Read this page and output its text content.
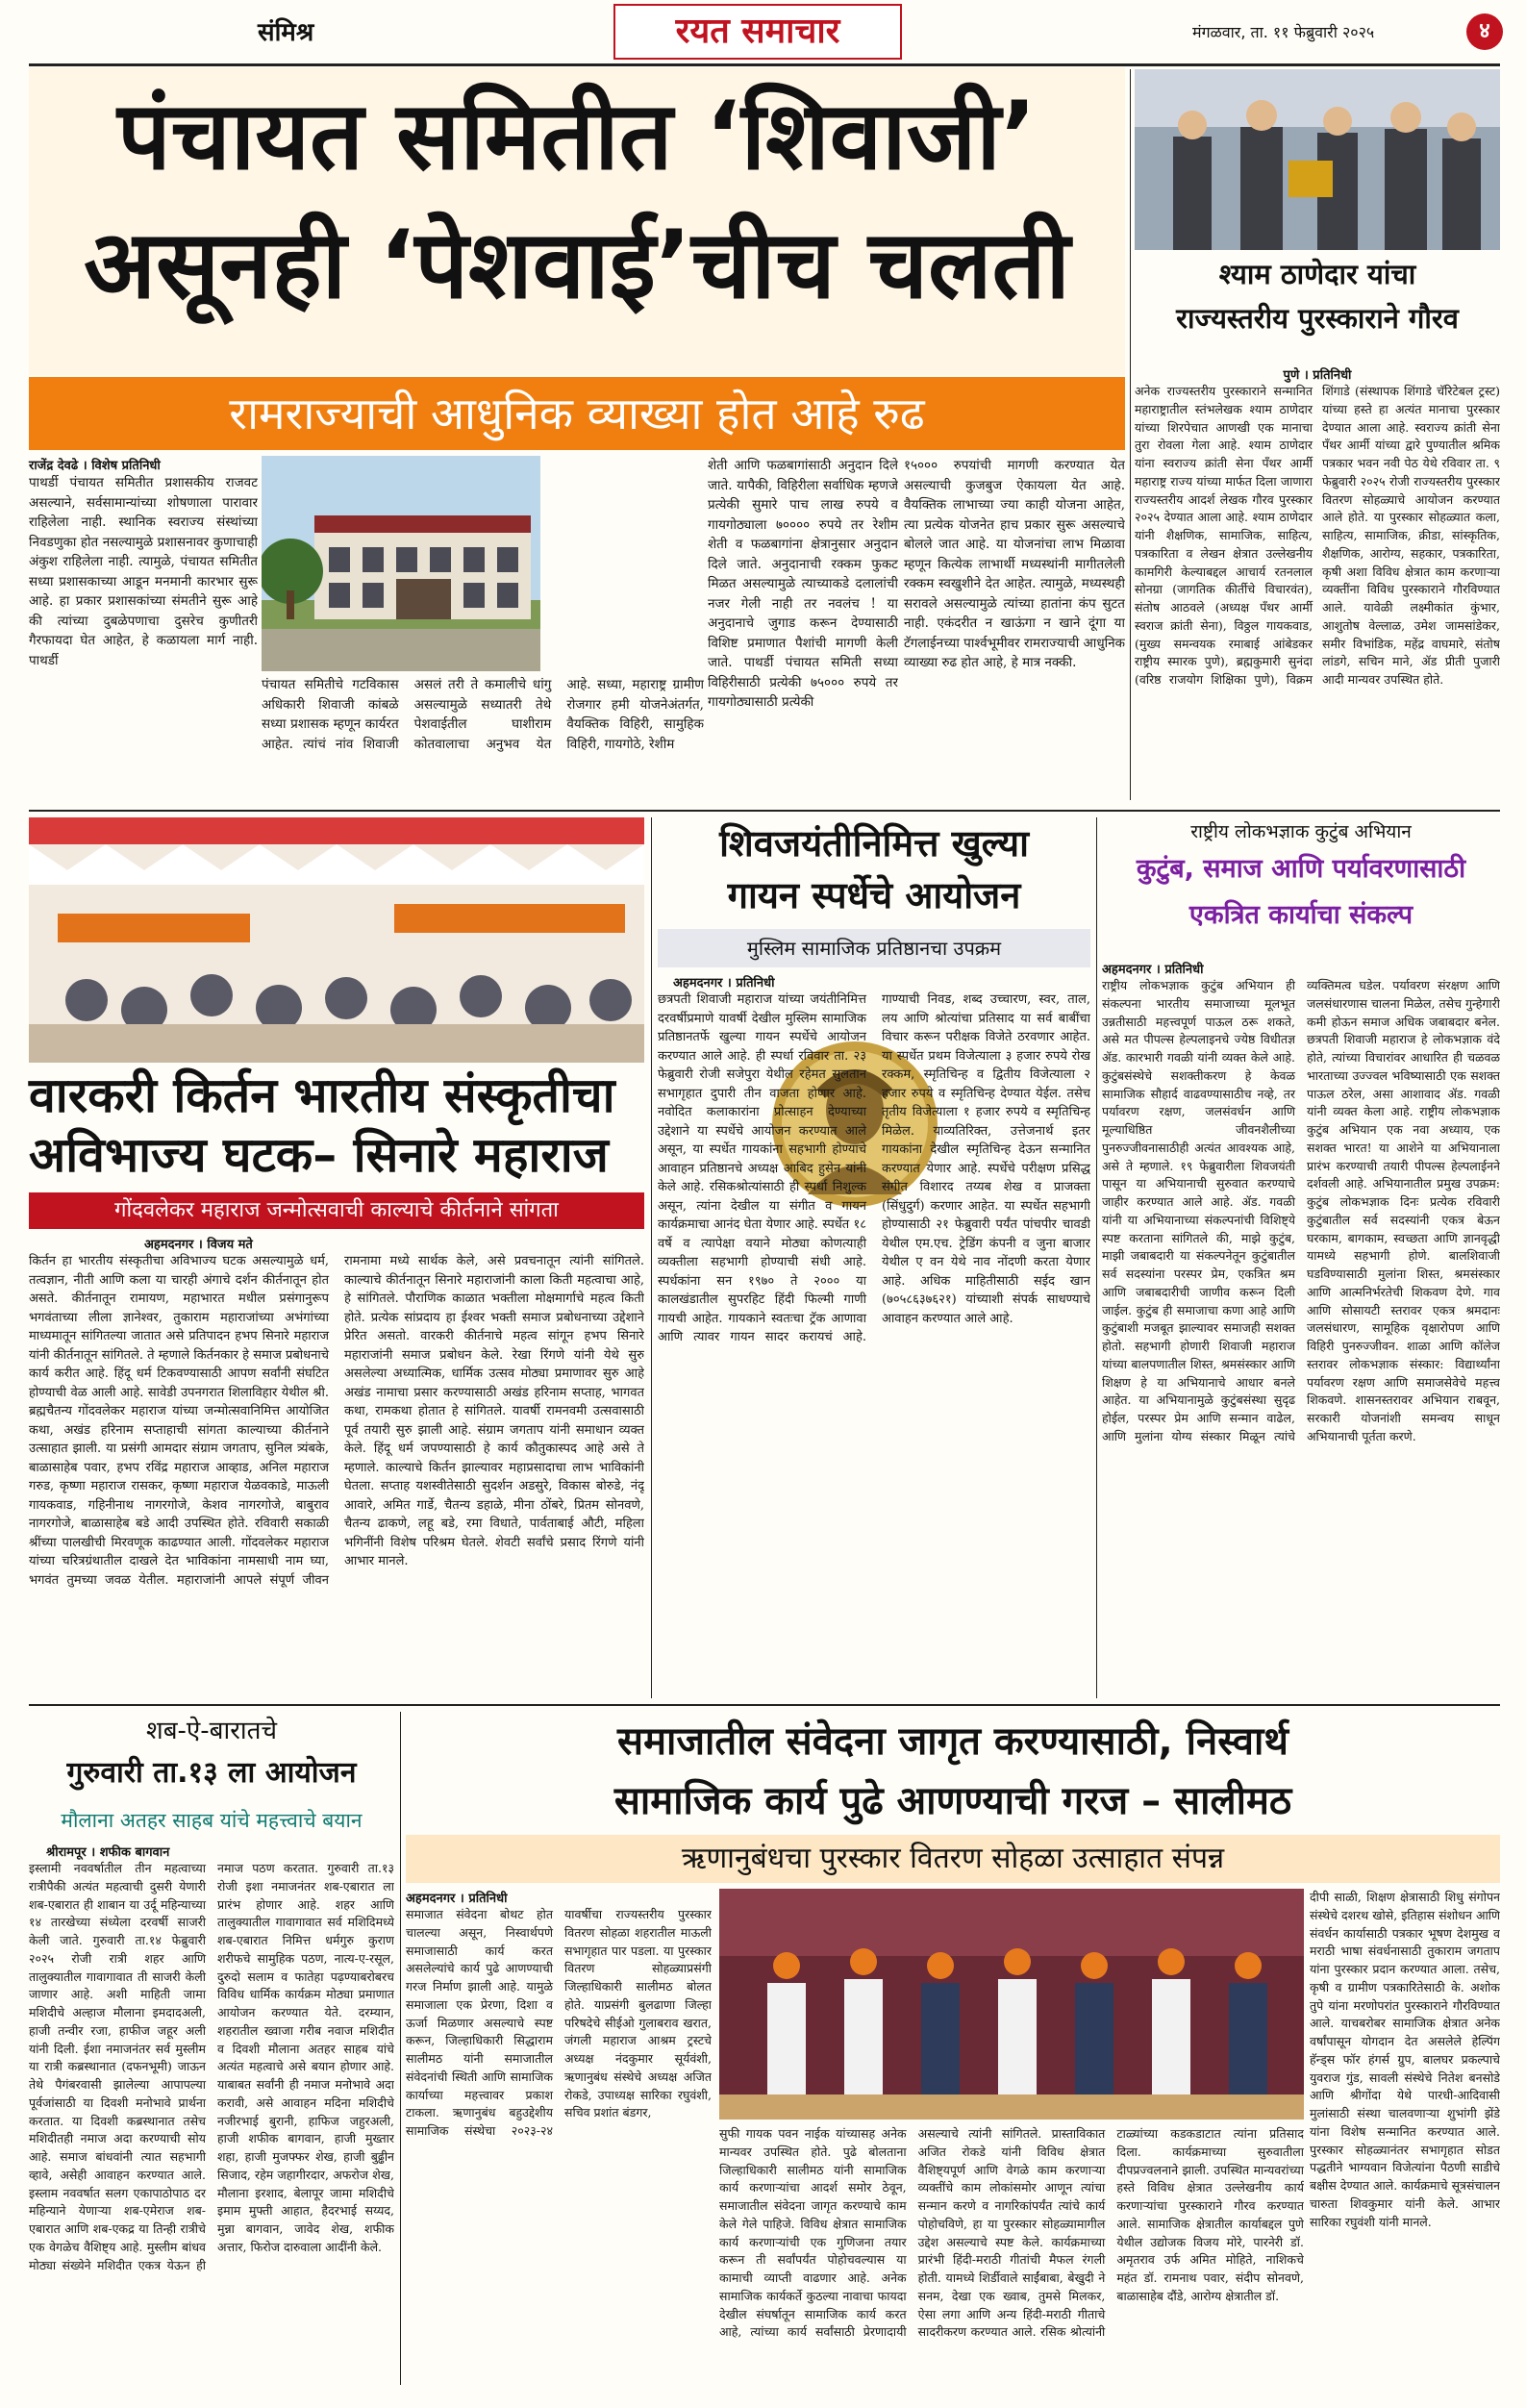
संमिश्र	रयत समाचार	मंगळवार, ता. ११ फेब्रुवारी २०२५	४
पंचायत समितीत ‘शिवाजी’
असूनही ‘पेशवाई’चीच चलती
रामराज्याची आधुनिक व्याख्या होत आहे रुढ
राजेंद्र देवढे । विशेष प्रतिनिधी
पाथर्डी पंचायत समितीत प्रशासकीय राजवट असल्याने, सर्वसामान्यांच्या शोषणाला पारावार राहिलेला नाही. स्थानिक स्वराज्य संस्थांच्या निवडणुका होत नसल्यामुळे प्रशासनावर कुणाचाही अंकुश राहिलेला नाही. त्यामुळे, पंचायत समितीत सध्या प्रशासकाच्या आडून मनमानी कारभार सुरू आहे. हा प्रकार प्रशासकांच्या संमतीने सुरू आहे की त्यांच्या दुबळेपणाचा दुसरेच कुणीतरी गैरफायदा घेत आहेत, हे कळायला मार्ग नाही. पाथर्डी
पंचायत समितीचे गटविकास अधिकारी शिवाजी कांबळे सध्या प्रशासक म्हणून कार्यरत आहेत. त्यांचं नांव शिवाजी असलं तरी ते कमालीचे धांगु असल्यामुळे सध्यातरी तेथे पेशवाईतील घाशीराम कोतवालाचा अनुभव येत आहे. सध्या, महाराष्ट्र ग्रामीण रोजगार हमी योजनेअंतर्गत, वैयक्तिक विहिरी, सामुहिक विहिरी, गायगोठे, रेशीम
शेती आणि फळबागांसाठी अनुदान दिले जाते. यापैकी, विहिरीला सर्वाधिक म्हणजे प्रत्येकी सुमारे पाच लाख रुपये व गायगोठ्याला ७०००० रुपये तर रेशीम शेती व फळबागांना क्षेत्रानुसार अनुदान दिले जाते. अनुदानाची रक्कम फुकट मिळत असल्यामुळे त्याच्याकडे दलालांची नजर गेली नाही तर नवलंच ! या अनुदानाचे जुगाड करून देण्यासाठी विशिष्ट प्रमाणात पैशांची मागणी केली जाते. पाथर्डी पंचायत समिती सध्या विहिरीसाठी प्रत्येकी ७५००० रुपये तर गायगोठ्यासाठी प्रत्येकी
१५००० रुपयांची मागणी करण्यात येत असल्याची कुजबुज ऐकायला येत आहे. वैयक्तिक लाभाच्या ज्या काही योजना आहेत, त्या प्रत्येक योजनेत हाच प्रकार सुरू असल्याचे बोलले जात आहे. या योजनांचा लाभ मिळावा म्हणून कित्येक लाभार्थी मध्यस्थांनी मागीतलेली रक्कम स्वखुशीने देत आहेत. त्यामुळे, मध्यस्थही सरावले असल्यामुळे त्यांच्या हातांना कंप सुटत नाही. एकंदरीत न खाऊंगा न खाने दूंगा या टॅगलाईनच्या पार्श्वभूमीवर रामराज्याची आधुनिक व्याख्या रुढ होत आहे, हे मात्र नक्की.
श्याम ठाणेदार यांचा
राज्यस्तरीय पुरस्काराने गौरव
पुणे । प्रतिनिधी
अनेक राज्यस्तरीय पुरस्काराने सन्मानित महाराष्ट्रातील स्तंभलेखक श्याम ठाणेदार यांच्या शिरपेचात आणखी एक मानाचा तुरा रोवला गेला आहे. श्याम ठाणेदार यांना स्वराज्य क्रांती सेना पँथर आर्मी महाराष्ट्र राज्य यांच्या मार्फत दिला जाणारा राज्यस्तरीय आदर्श लेखक गौरव पुरस्कार २०२५ देण्यात आला आहे. श्याम ठाणेदार यांनी शैक्षणिक, सामाजिक, साहित्य, पत्रकारिता व लेखन क्षेत्रात उल्लेखनीय कामगिरी केल्याबद्दल आचार्य रतनलाल सोनग्रा (जागतिक कीर्तीचे विचारवंत), संतोष आठवले (अध्यक्ष पँथर आर्मी स्वराज क्रांती सेना), विठ्ठल गायकवाड, (मुख्य समन्वयक रमाबाई आंबेडकर राष्ट्रीय स्मारक पुणे), ब्रह्मकुमारी सुनंदा (वरिष्ठ राजयोग शिक्षिका पुणे), विक्रम शिंगाडे (संस्थापक शिंगाडे चॅरिटेबल ट्रस्ट) यांच्या हस्ते हा अत्यंत मानाचा पुरस्कार देण्यात आला आहे. स्वराज्य क्रांती सेना पँथर आर्मी यांच्या द्वारे पुण्यातील श्रमिक पत्रकार भवन नवी पेठ येथे रविवार ता. ९ फेब्रुवारी २०२५ रोजी राज्यस्तरीय पुरस्कार वितरण सोहळ्याचे आयोजन करण्यात आले होते. या पुरस्कार सोहळ्यात कला, साहित्य, सामाजिक, क्रीडा, सांस्कृतिक, शैक्षणिक, आरोग्य, सहकार, पत्रकारिता, कृषी अशा विविध क्षेत्रात काम करणाऱ्या व्यक्तींना विविध पुरस्काराने गौरविण्यात आले. यावेळी लक्ष्मीकांत कुंभार, आशुतोष वेल्लाळ, उमेश जामसांडेकर, समीर विभांडिक, महेंद्र वाघमारे, संतोष लांडगे, सचिन माने, ॲड प्रीती पुजारी आदी मान्यवर उपस्थित होते.
वारकरी किर्तन भारतीय संस्कृतीचा
अविभाज्य घटक– सिनारे महाराज
गोंदवलेकर महाराज जन्मोत्सवाची काल्याचे कीर्तनाने सांगता
अहमदनगर । विजय मते
किर्तन हा भारतीय संस्कृतीचा अविभाज्य घटक असल्यामुळे धर्म, तत्वज्ञान, नीती आणि कला या चारही अंगाचे दर्शन कीर्तनातून होत असते. कीर्तनातून रामायण, महाभारत मधील प्रसंगानुरूप भगवंताच्या लीला ज्ञानेश्वर, तुकाराम महाराजांच्या अभंगांच्या माध्यमातून सांगितल्या जातात असे प्रतिपादन हभप सिनारे महाराज यांनी कीर्तनातून सांगितले. ते म्हणाले किर्तनकार हे समाज प्रबोधनाचे कार्य करीत आहे. हिंदू धर्म टिकवण्यासाठी आपण सर्वांनी संघटित होण्याची वेळ आली आहे. सावेडी उपनगरात शिलाविहार येथील श्री. ब्रह्मचैतन्य गोंदवलेकर महाराज यांच्या जन्मोत्सवानिमित्त आयोजित कथा, अखंड हरिनाम सप्ताहाची सांगता काल्याच्या कीर्तनाने उत्साहात झाली. या प्रसंगी आमदार संग्राम जगताप, सुनिल त्र्यंबके, बाळासाहेब पवार, हभप रविंद्र महाराज आव्हाड, अनिल महाराज गरुड, कृष्णा महाराज रासकर, कृष्णा महाराज येळवकाडे, माऊली गायकवाड, गहिनीनाथ नागरगोजे, केशव नागरगोजे, बाबुराव नागरगोजे, बाळासाहेब बडे आदी उपस्थित होते. रविवारी सकाळी श्रींच्या पालखीची मिरवणूक काढण्यात आली. गोंदवलेकर महाराज यांच्या चरित्रग्रंथातील दाखले देत भाविकांना नामसाधी नाम घ्या, भगवंत तुमच्या जवळ येतील. महाराजांनी आपले संपूर्ण जीवन रामनामा मध्ये सार्थक केले, असे प्रवचनातून त्यांनी सांगितले. काल्याचे कीर्तनातून सिनारे महाराजांनी काला किती महत्वाचा आहे, हे सांगितले. पौराणिक काळात भक्तीला मोक्षमार्गाचे महत्व किती होते. प्रत्येक सांप्रदाय हा ईश्वर भक्ती समाज प्रबोधनाच्या उद्देशाने प्रेरित असतो. वारकरी कीर्तनाचे महत्व सांगून हभप सिनारे महाराजांनी समाज प्रबोधन केले. रेखा रिंगणे यांनी येथे सुरु असलेल्या अध्यात्मिक, धार्मिक उत्सव मोठ्या प्रमाणावर सुरु आहे अखंड नामाचा प्रसार करण्यासाठी अखंड हरिनाम सप्ताह, भागवत कथा, रामकथा होतात हे सांगितले. यावर्षी रामनवमी उत्सवासाठी पूर्व तयारी सुरु झाली आहे. संग्राम जगताप यांनी समाधान व्यक्त केले. हिंदू धर्म जपण्यासाठी हे कार्य कौतुकास्पद आहे असे ते म्हणाले. काल्याचे किर्तन झाल्यावर महाप्रसादाचा लाभ भाविकांनी घेतला. सप्ताह यशस्वीतेसाठी सुदर्शन अडसुरे, विकास बोरुडे, नंदू आवारे, अमित गार्डे, चैतन्य डहाळे, मीना ठोंबरे, प्रितम सोनवणे, चैतन्य ढाकणे, लहू बडे, रमा विधाते, पार्वताबाई औटी, महिला भगिनींनी विशेष परिश्रम घेतले. शेवटी सर्वांचे प्रसाद रिंगणे यांनी आभार मानले.
शिवजयंतीनिमित्त खुल्या
गायन स्पर्धेचे आयोजन
मुस्लिम सामाजिक प्रतिष्ठानचा उपक्रम
अहमदनगर । प्रतिनिधी
छत्रपती शिवाजी महाराज यांच्या जयंतीनिमित्त दरवर्षीप्रमाणे यावर्षी देखील मुस्लिम सामाजिक प्रतिष्ठानतर्फे खुल्या गायन स्पर्धेचे आयोजन करण्यात आले आहे. ही स्पर्धा रविवार ता. २३ फेब्रुवारी रोजी सजेपुरा येथील रहेमत सुलतान सभागृहात दुपारी तीन वाजता होणार आहे. नवोदित कलाकारांना प्रोत्साहन देण्याच्या उद्देशाने या स्पर्धेचे आयोजन करण्यात आले असून, या स्पर्धेत गायकांना सहभागी होण्याचे आवाहन प्रतिष्ठानचे अध्यक्ष आबिद हुसेन यांनी केले आहे. रसिकश्रोत्यांसाठी ही स्पर्धा निशुल्क असून, त्यांना देखील या संगीत व गायन कार्यक्रमाचा आनंद घेता येणार आहे. स्पर्धेत १८ वर्षे व त्यापेक्षा वयाने मोठ्या कोणत्याही व्यक्तीला सहभागी होण्याची संधी आहे. स्पर्धकांना सन १९७० ते २००० या कालखंडातील सुपरहिट हिंदी फिल्मी गाणी गायची आहेत. गायकाने स्वतःचा ट्रॅक आणावा आणि त्यावर गायन सादर करायचं आहे. गाण्याची निवड, शब्द उच्चारण, स्वर, ताल, लय आणि श्रोत्यांचा प्रतिसाद या सर्व बाबींचा विचार करून परीक्षक विजेते ठरवणार आहेत. या स्पर्धेत प्रथम विजेत्याला ३ हजार रुपये रोख रक्कम, स्मृतिचिन्ह व द्वितीय विजेत्याला २ हजार रुपये व स्मृतिचिन्ह देण्यात येईल. तसेच तृतीय विजेत्याला १ हजार रुपये व स्मृतिचिन्ह मिळेल. याव्यतिरिक्त, उत्तेजनार्थ इतर गायकांना देखील स्मृतिचिन्ह देऊन सन्मानित करण्यात येणार आहे. स्पर्धेचे परीक्षण प्रसिद्ध संगीत विशारद तय्यब शेख व प्राजक्ता (सिंधुदुर्ग) करणार आहेत. या स्पर्धेत सहभागी होण्यासाठी २१ फेब्रुवारी पर्यंत पांचपीर चावडी येथील एम.एच. ट्रेडिंग कंपनी व जुना बाजार येथील ए वन येथे नाव नोंदणी करता येणार आहे. अधिक माहितीसाठी सईद खान (७०५८६३७६२१) यांच्याशी संपर्क साधण्याचे आवाहन करण्यात आले आहे.
राष्ट्रीय लोकभज्ञाक कुटुंब अभियान
कुटुंब, समाज आणि पर्यावरणासाठी
एकत्रित कार्याचा संकल्प
अहमदनगर । प्रतिनिधी
राष्ट्रीय लोकभज्ञाक कुटुंब अभियान ही संकल्पना भारतीय समाजाच्या मूलभूत उन्नतीसाठी महत्त्वपूर्ण पाऊल ठरू शकते, असे मत पीपल्स हेल्पलाइनचे ज्येष्ठ विधीतज्ञ ॲड. कारभारी गवळी यांनी व्यक्त केले आहे. कुटुंबसंस्थेचे सशक्तीकरण हे केवळ सामाजिक सौहार्द वाढवण्यासाठीच नव्हे, तर पर्यावरण रक्षण, जलसंवर्धन आणि मूल्याधिष्ठित जीवनशैलीच्या पुनरुज्जीवनासाठीही अत्यंत आवश्यक आहे, असे ते म्हणाले. १९ फेब्रुवारीला शिवजयंती पासून या अभियानाची सुरुवात करण्याचे जाहीर करण्यात आले आहे. ॲड. गवळी यांनी या अभियानाच्या संकल्पनांची विशिष्ट्ये स्पष्ट करताना सांगितले की, माझे कुटुंब, माझी जबाबदारी या संकल्पनेतून कुटुंबातील सर्व सदस्यांना परस्पर प्रेम, एकत्रित श्रम आणि जबाबदारीची जाणीव करून दिली जाईल. कुटुंब ही समाजाचा कणा आहे आणि कुटुंबाशी मजबूत झाल्यावर समाजही सशक्त होतो. सहभागी होणारी शिवाजी महाराज यांच्या बालपणातील शिस्त, श्रमसंस्कार आणि शिक्षण हे या अभियानाचे आधार बनले आहेत. या अभियानामुळे कुटुंबसंस्था सुदृढ होईल, परस्पर प्रेम आणि सन्मान वाढेल, आणि मुलांना योग्य संस्कार मिळून त्यांचे व्यक्तिमत्व घडेल. पर्यावरण संरक्षण आणि जलसंधारणास चालना मिळेल, तसेच गुन्हेगारी कमी होऊन समाज अधिक जबाबदार बनेल. छत्रपती शिवाजी महाराज हे लोकभज्ञाक वंदे होते, त्यांच्या विचारांवर आधारित ही चळवळ भारताच्या उज्ज्वल भविष्यासाठी एक सशक्त पाऊल ठरेल, असा आशावाद ॲड. गवळी यांनी व्यक्त केला आहे. राष्ट्रीय लोकभज्ञाक कुटुंब अभियान एक नवा अध्याय, एक सशक्त भारत! या आशेने या अभियानाला प्रारंभ करण्याची तयारी पीपल्स हेल्पलाईनने दर्शवली आहे. अभियानातील प्रमुख उपक्रम: कुटुंब लोकभज्ञाक दिनः प्रत्येक रविवारी कुटुंबातील सर्व सदस्यांनी एकत्र बेऊन घरकाम, बागकाम, स्वच्छता आणि ज्ञानवृद्धी यामध्ये सहभागी होणे. बालशिवाजी घडविण्यासाठी मुलांना शिस्त, श्रमसंस्कार आणि आत्मनिर्भरतेची शिकवण देणे. गाव आणि सोसायटी स्तरावर एकत्र श्रमदानः जलसंधारण, सामूहिक वृक्षारोपण आणि विहिरी पुनरुज्जीवन. शाळा आणि कॉलेज स्तरावर लोकभज्ञाक संस्कार: विद्यार्थ्यांना पर्यावरण रक्षण आणि समाजसेवेचे महत्त्व शिकवणे. शासनस्तरावर अभियान राबवून, सरकारी योजनांशी समन्वय साधून अभियानाची पूर्तता करणे.
शब-ऐ-बारातचे
गुरुवारी ता.१३ ला आयोजन
मौलाना अतहर साहब यांचे महत्त्वाचे बयान
श्रीरामपूर । शफीक बागवान
इस्लामी नववर्षातील तीन महत्वाच्या रात्रीपैकी अत्यंत महत्वाची दुसरी येणारी शब-एबारात ही शाबान या उर्दू महिन्याच्या १४ तारखेच्या संध्येला दरवर्षी साजरी केली जाते. गुरुवारी ता.१४ फेब्रुवारी २०२५ रोजी रात्री शहर आणि तालुक्यातील गावागावात ती साजरी केली जाणार आहे. अशी माहिती जामा मशिदीचे अल्हाज मौलाना इमदादअली, हाजी तन्वीर रजा, हाफीज जहूर अली यांनी दिली. ईशा नमाजनंतर सर्व मुस्लीम या रात्री कब्रस्थानात (दफनभूमी) जाऊन तेथे पैगंबरवासी झालेल्या आपापल्या पूर्वजांसाठी या दिवशी मनोभावे प्रार्थना करतात. या दिवशी कब्रस्थानात तसेच मशिदीतही नमाज अदा करण्याची सोय आहे. समाज बांधवांनी त्यात सहभागी व्हावे, असेही आवाहन करण्यात आले. इस्लाम नववर्षात सलग एकापाठोपाठ दर महिन्याने येणाऱ्या शब-एमेराज शब-एबारात आणि शब-एकद्र या तिन्ही रात्रीचे एक वेगळेच वैशिष्ट्य आहे. मुस्लीम बांधव मोठ्या संख्येने मशिदीत एकत्र येऊन ही नमाज पठण करतात. गुरुवारी ता.१३ रोजी इशा नमाजनंतर शब-एबारात ला प्रारंभ होणार आहे. शहर आणि तालुक्यातील गावागावात सर्व मशिदिमध्ये शब-एबारात निमित्त धर्मगुरु कुराण शरीफचे सामुहिक पठण, नात्य-ए-रसूल, दुरुदो सलाम व फातेहा पढ़ण्याबरोबरच विविध धार्मिक कार्यक्रम मोठ्या प्रमाणात आयोजन करण्यात येते. दरम्यान, शहरातील ख्वाजा गरीब नवाज मशिदीत व दिवशी मौलाना अतहर साहब यांचे अत्यंत महत्वाचे असे बयान होणार आहे. याबाबत सर्वांनी ही नमाज मनोभावे अदा करावी, असे आवाहन मदिना मशिदीचे नजीरभाई बुरानी, हाफिज जहुरअली, हाजी शफीक बागवान, हाजी मुख्तार शहा, हाजी मुजफ्फर शेख, हाजी बुढ्ढीन सिजाद, रहेम जहागीरदार, अफरोज शेख, मौलाना इरशाद, बेलापूर जामा मशिदीचे इमाम मुफ्ती आहात, हैदरभाई सय्यद, मुन्ना बागवान, जावेद शेख, शफीक अत्तार, फिरोज दारुवाला आदींनी केले.
समाजातील संवेदना जागृत करण्यासाठी, निस्वार्थ
सामाजिक कार्य पुढे आणण्याची गरज – सालीमठ
ऋणानुबंधचा पुरस्कार वितरण सोहळा उत्साहात संपन्न
अहमदनगर । प्रतिनिधी
समाजात संवेदना बोथट होत चालल्या असून, निस्वार्थपणे समाजासाठी कार्य करत असलेल्यांचे कार्य पुढे आणण्याची गरज निर्माण झाली आहे. यामुळे समाजाला एक प्रेरणा, दिशा व ऊर्जा मिळणार असल्याचे स्पष्ट करून, जिल्हाधिकारी सिद्धाराम सालीमठ यांनी समाजातील संवेदनांची स्थिती आणि सामाजिक कार्याच्या महत्त्वावर प्रकाश टाकला. ऋणानुबंध बहुउद्देशीय सामाजिक संस्थेचा २०२३-२४ यावर्षीचा राज्यस्तरीय पुरस्कार वितरण सोहळा शहरातील माऊली सभागृहात पार पडला. या पुरस्कार वितरण सोहळ्याप्रसंगी जिल्हाधिकारी सालीमठ बोलत होते. याप्रसंगी बुलढाणा जिल्हा परिषदेचे सीईओ गुलाबराव खरात, जंगली महाराज आश्रम ट्रस्टचे अध्यक्ष नंदकुमार सूर्यवंशी, ऋणानुबंध संस्थेचे अध्यक्ष अजित रोकडे, उपाध्यक्ष सारिका रघुवंशी, सचिव प्रशांत बंडगर,
सुफी गायक पवन नाईक यांच्यासह अनेक मान्यवर उपस्थित होते. पुढे बोलताना जिल्हाधिकारी सालीमठ यांनी सामाजिक कार्य करणाऱ्यांचा आदर्श समोर ठेवून, समाजातील संवेदना जागृत करण्याचे काम केले गेले पाहिजे. विविध क्षेत्रात सामाजिक कार्य करणाऱ्यांची एक गुणिजना तयार करून ती सर्वांपर्यंत पोहोचवल्यास या कामाची व्याप्ती वाढणार आहे. अनेक सामाजिक कार्यकर्ते कुठल्या नावाचा फायदा देखील संघर्षातून सामाजिक कार्य करत आहे, त्यांच्या कार्य सर्वांसाठी प्रेरणादायी असल्याचे त्यांनी सांगितले. प्रास्ताविकात अजित रोकडे यांनी विविध क्षेत्रात वैशिष्ट्यपूर्ण आणि वेगळे काम करणाऱ्या व्यक्तींचे काम लोकांसमोर आणून त्यांचा सन्मान करणे व नागरिकांपर्यंत त्यांचे कार्य पोहोचविणे, हा या पुरस्कार सोहळ्यामागील उद्देश असल्याचे स्पष्ट केले. कार्यक्रमाच्या प्रारंभी हिंदी-मराठी गीतांची मैफल रंगली होती. यामध्ये शिर्डीवाले साईंबाबा, बेखुदी ने सनम, देखा एक ख्वाब, तुमसे मिलकर, ऐसा लगा आणि अन्य हिंदी-मराठी गीताचे सादरीकरण करण्यात आले. रसिक श्रोत्यांनी टाळ्यांच्या कडकडाटात त्यांना प्रतिसाद दिला. कार्यक्रमाच्या सुरुवातीला दीपप्रज्वलनाने झाली. उपस्थित मान्यवरांच्या हस्ते विविध क्षेत्रात उल्लेखनीय कार्य करणाऱ्यांचा पुरस्काराने गौरव करण्यात आले. सामाजिक क्षेत्रातील कार्याबद्दल पुणे येथील उद्योजक विजय मोरे, पारनेरी डॉ. अमृतराव उर्फ अमित मोहिते, नाशिकचे महंत डॉ. रामनाथ पवार, संदीप सोनवणे, बाळासाहेब दौंडे, आरोग्य क्षेत्रातील डॉ.
दीपी साळी, शिक्षण क्षेत्रासाठी शिधु संगोपन संस्थेचे दशरथ खोसे, इतिहास संशोधन आणि संवर्धन कार्यासाठी पत्रकार भूषण देशमुख व मराठी भाषा संवर्धनासाठी तुकाराम जगताप यांना पुरस्कार प्रदान करण्यात आला. तसेच, कृषी व ग्रामीण पत्रकारितेसाठी के. अशोक तुपे यांना मरणोपरांत पुरस्काराने गौरविण्यात आले. याचबरोबर सामाजिक क्षेत्रात अनेक वर्षांपासून योगदान देत असलेले हेल्पिंग हॅन्ड्स फॉर हंगर्स ग्रुप, बालघर प्रकल्पाचे युवराज गुंड, सावली संस्थेचे नितेश बनसोडे आणि श्रीगोंदा येथे पारधी-आदिवासी मुलांसाठी संस्था चालवणाऱ्या शुभांगी झेंडे यांना विशेष सन्मानित करण्यात आले. पुरस्कार सोहळ्यानंतर सभागृहात सोडत पद्धतीने भाग्यवान विजेत्यांना पैठणी साडीचे बक्षीस देण्यात आले. कार्यक्रमाचे सूत्रसंचालन चारुता शिवकुमार यांनी केले. आभार सारिका रघुवंशी यांनी मानले.
